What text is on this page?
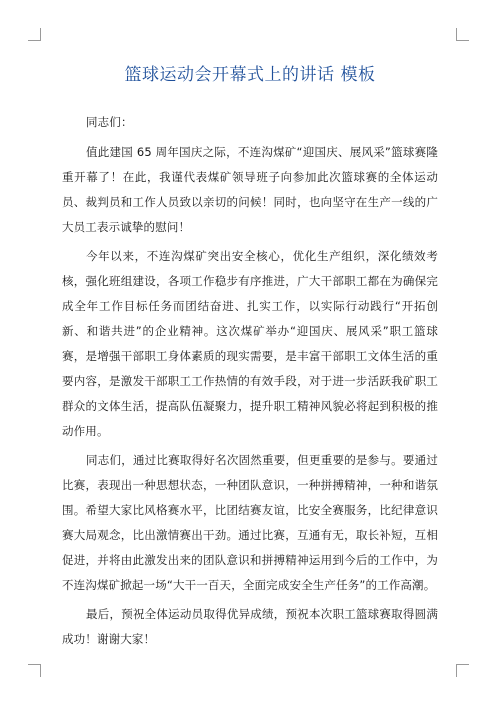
篮球运动会开幕式上的讲话 模板

同志们：

值此建国 65 周年国庆之际，不连沟煤矿“迎国庆、展风采”篮球赛隆重开幕了！在此，我谨代表煤矿领导班子向参加此次篮球赛的全体运动员、裁判员和工作人员致以亲切的问候！同时，也向坚守在生产一线的广大员工表示诚挚的慰问！

今年以来，不连沟煤矿突出安全核心，优化生产组织，深化绩效考核，强化班组建设，各项工作稳步有序推进，广大干部职工都在为确保完成全年工作目标任务而团结奋进、扎实工作，以实际行动践行“开拓创新、和谐共进”的企业精神。这次煤矿举办“迎国庆、展风采”职工篮球赛，是增强干部职工身体素质的现实需要，是丰富干部职工文体生活的重要内容，是激发干部职工工作热情的有效手段，对于进一步活跃我矿职工群众的文体生活，提高队伍凝聚力，提升职工精神风貌必将起到积极的推动作用。

同志们，通过比赛取得好名次固然重要，但更重要的是参与。要通过比赛，表现出一种思想状态，一种团队意识，一种拼搏精神，一种和谐氛围。希望大家比风格赛水平，比团结赛友谊，比安全赛服务，比纪律意识赛大局观念，比出激情赛出干劲。通过比赛，互通有无，取长补短，互相促进，并将由此激发出来的团队意识和拼搏精神运用到今后的工作中，为不连沟煤矿掀起一场“大干一百天，全面完成安全生产任务”的工作高潮。

最后，预祝全体运动员取得优异成绩，预祝本次职工篮球赛取得圆满成功！谢谢大家！
